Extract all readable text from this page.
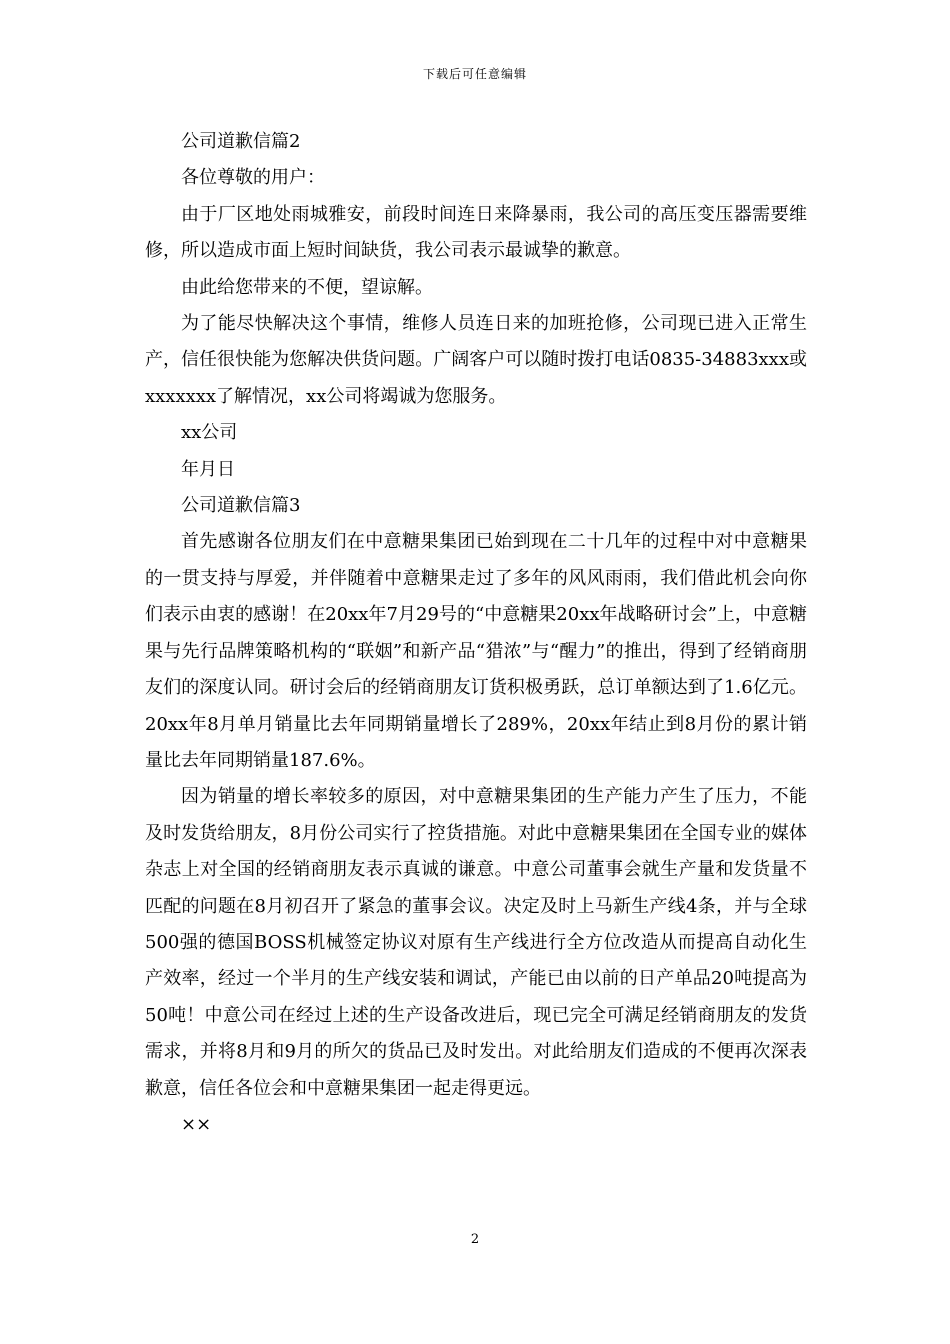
下载后可任意编辑

公司道歉信篇2

各位尊敬的用户：

由于厂区地处雨城雅安，前段时间连日来降暴雨，我公司的高压变压器需要维修，所以造成市面上短时间缺货，我公司表示最诚挚的歉意。

由此给您带来的不便，望谅解。

为了能尽快解决这个事情，维修人员连日来的加班抢修，公司现已进入正常生产，信任很快能为您解决供货问题。广阔客户可以随时拨打电话0835-34883xxx或xxxxxxx了解情况，xx公司将竭诚为您服务。

xx公司

年月日

公司道歉信篇3

首先感谢各位朋友们在中意糖果集团已始到现在二十几年的过程中对中意糖果的一贯支持与厚爱，并伴随着中意糖果走过了多年的风风雨雨，我们借此机会向你们表示由衷的感谢！在20xx年7月29号的“中意糖果20xx年战略研讨会”上，中意糖果与先行品牌策略机构的“联姻”和新产品“猎浓”与“醒力”的推出，得到了经销商朋友们的深度认同。研讨会后的经销商朋友订货积极勇跃，总订单额达到了1.6亿元。20xx年8月单月销量比去年同期销量增长了289%，20xx年结止到8月份的累计销量比去年同期销量187.6%。

因为销量的增长率较多的原因，对中意糖果集团的生产能力产生了压力，不能及时发货给朋友，8月份公司实行了控货措施。对此中意糖果集团在全国专业的媒体杂志上对全国的经销商朋友表示真诚的谦意。中意公司董事会就生产量和发货量不匹配的问题在8月初召开了紧急的董事会议。决定及时上马新生产线4条，并与全球500强的德国BOSS机械签定协议对原有生产线进行全方位改造从而提高自动化生产效率，经过一个半月的生产线安装和调试，产能已由以前的日产单品20吨提高为50吨！中意公司在经过上述的生产设备改进后，现已完全可满足经销商朋友的发货需求，并将8月和9月的所欠的货品已及时发出。对此给朋友们造成的不便再次深表歉意，信任各位会和中意糖果集团一起走得更远。

××

2
